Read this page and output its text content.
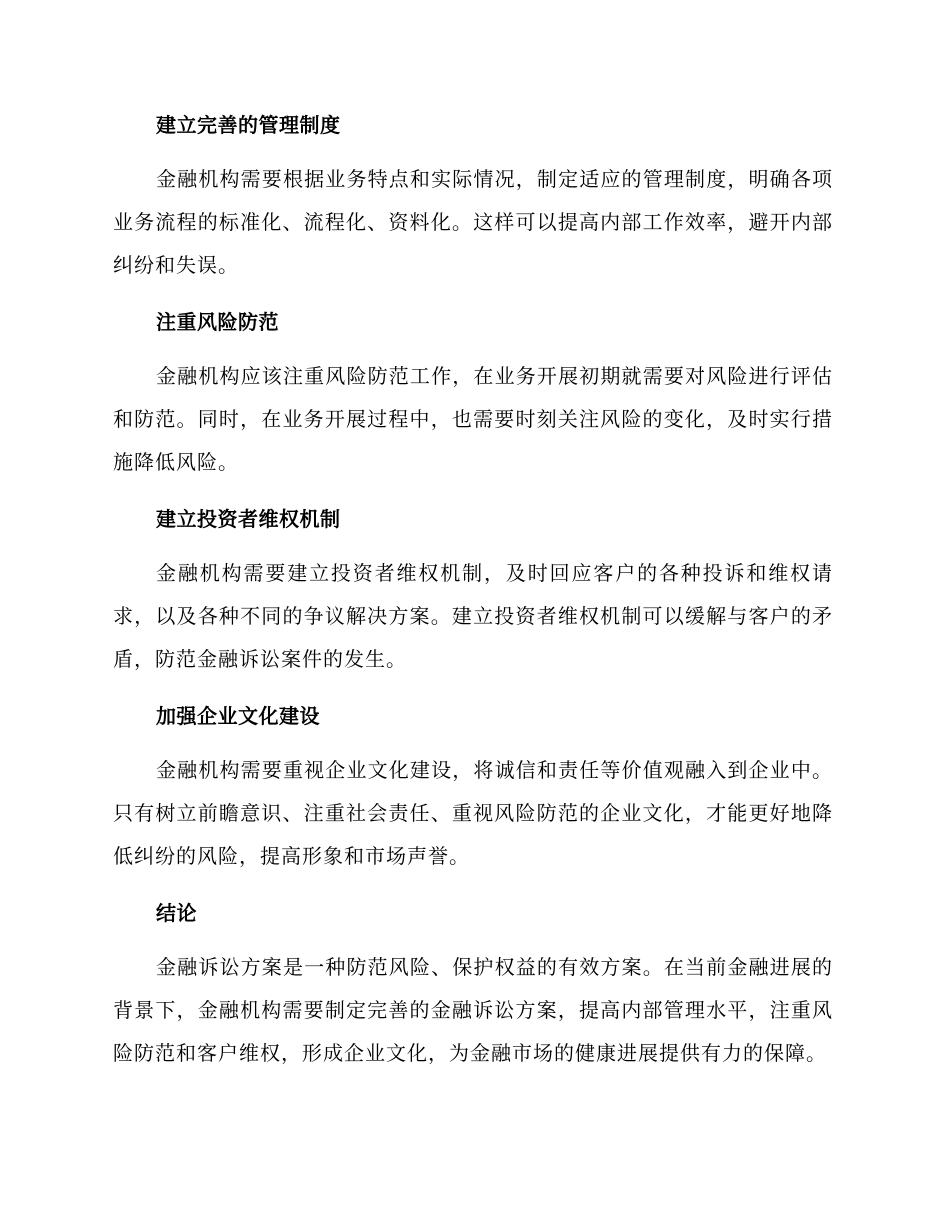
建立完善的管理制度

金融机构需要根据业务特点和实际情况，制定适应的管理制度，明确各项业务流程的标准化、流程化、资料化。这样可以提高内部工作效率，避开内部纠纷和失误。

注重风险防范

金融机构应该注重风险防范工作，在业务开展初期就需要对风险进行评估和防范。同时，在业务开展过程中，也需要时刻关注风险的变化，及时实行措施降低风险。

建立投资者维权机制

金融机构需要建立投资者维权机制，及时回应客户的各种投诉和维权请求，以及各种不同的争议解决方案。建立投资者维权机制可以缓解与客户的矛盾，防范金融诉讼案件的发生。

加强企业文化建设

金融机构需要重视企业文化建设，将诚信和责任等价值观融入到企业中。只有树立前瞻意识、注重社会责任、重视风险防范的企业文化，才能更好地降低纠纷的风险，提高形象和市场声誉。

结论

金融诉讼方案是一种防范风险、保护权益的有效方案。在当前金融进展的背景下，金融机构需要制定完善的金融诉讼方案，提高内部管理水平，注重风险防范和客户维权，形成企业文化，为金融市场的健康进展提供有力的保障。
